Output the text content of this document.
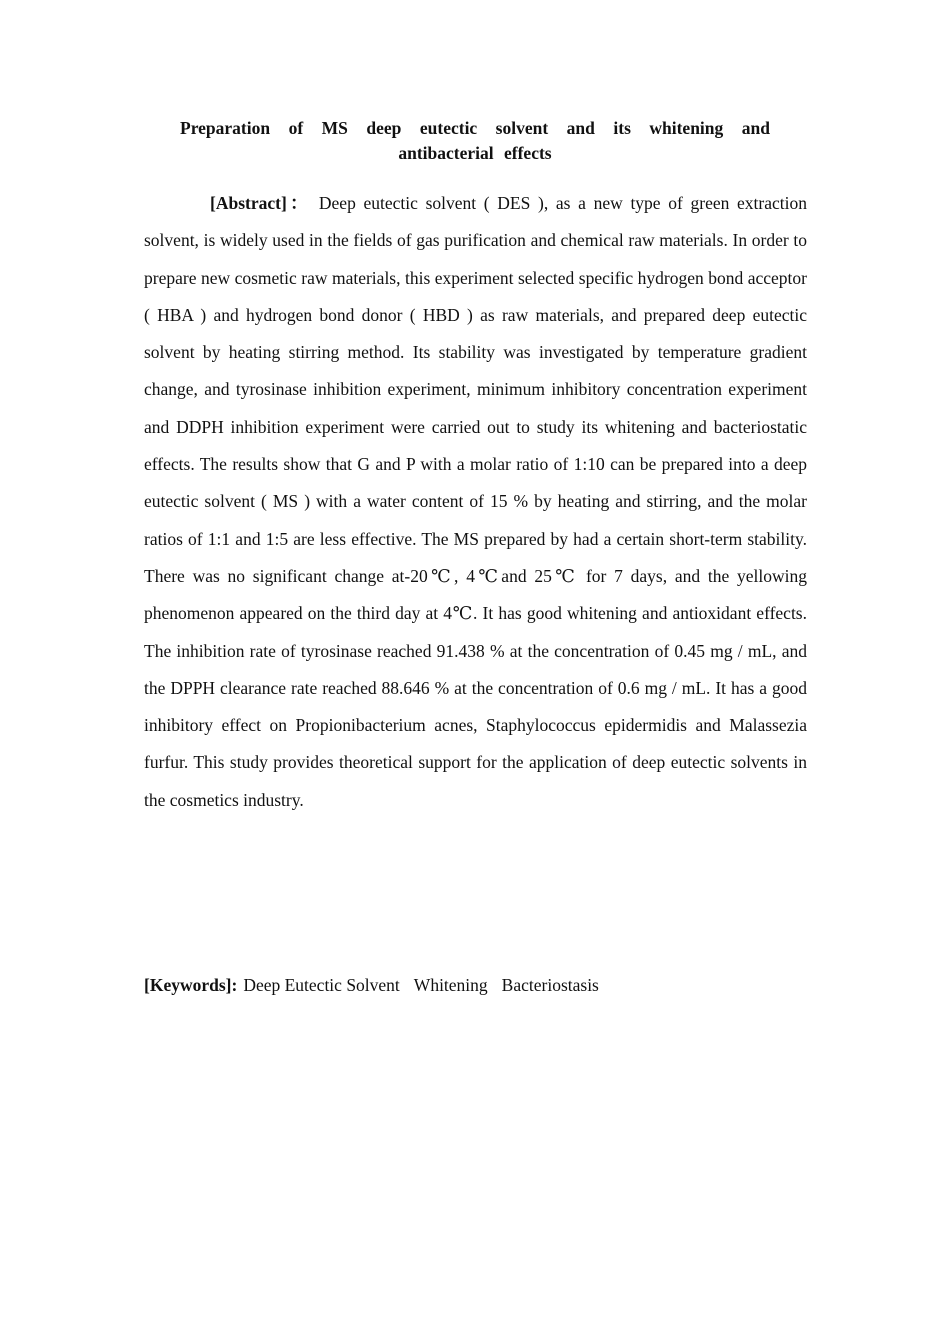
Preparation of MS deep eutectic solvent and its whitening and
antibacterial effects
[Abstract]： Deep eutectic solvent ( DES ), as a new type of green extraction solvent, is widely used in the fields of gas purification and chemical raw materials. In order to prepare new cosmetic raw materials, this experiment selected specific hydrogen bond acceptor ( HBA ) and hydrogen bond donor ( HBD ) as raw materials, and prepared deep eutectic solvent by heating stirring method. Its stability was investigated by temperature gradient change, and tyrosinase inhibition experiment, minimum inhibitory concentration experiment and DDPH inhibition experiment were carried out to study its whitening and bacteriostatic effects. The results show that G and P with a molar ratio of 1:10 can be prepared into a deep eutectic solvent ( MS ) with a water content of 15 % by heating and stirring, and the molar ratios of 1:1 and 1:5 are less effective. The MS prepared by had a certain short-term stability. There was no significant change at-20℃, 4℃and 25℃ for 7 days, and the yellowing phenomenon appeared on the third day at 4℃. It has good whitening and antioxidant effects. The inhibition rate of tyrosinase reached 91.438 % at the concentration of 0.45 mg / mL, and the DPPH clearance rate reached 88.646 % at the concentration of 0.6 mg / mL. It has a good inhibitory effect on Propionibacterium acnes, Staphylococcus epidermidis and Malassezia furfur. This study provides theoretical support for the application of deep eutectic solvents in the cosmetics industry.
[Keywords]: Deep Eutectic Solvent Whitening Bacteriostasis
